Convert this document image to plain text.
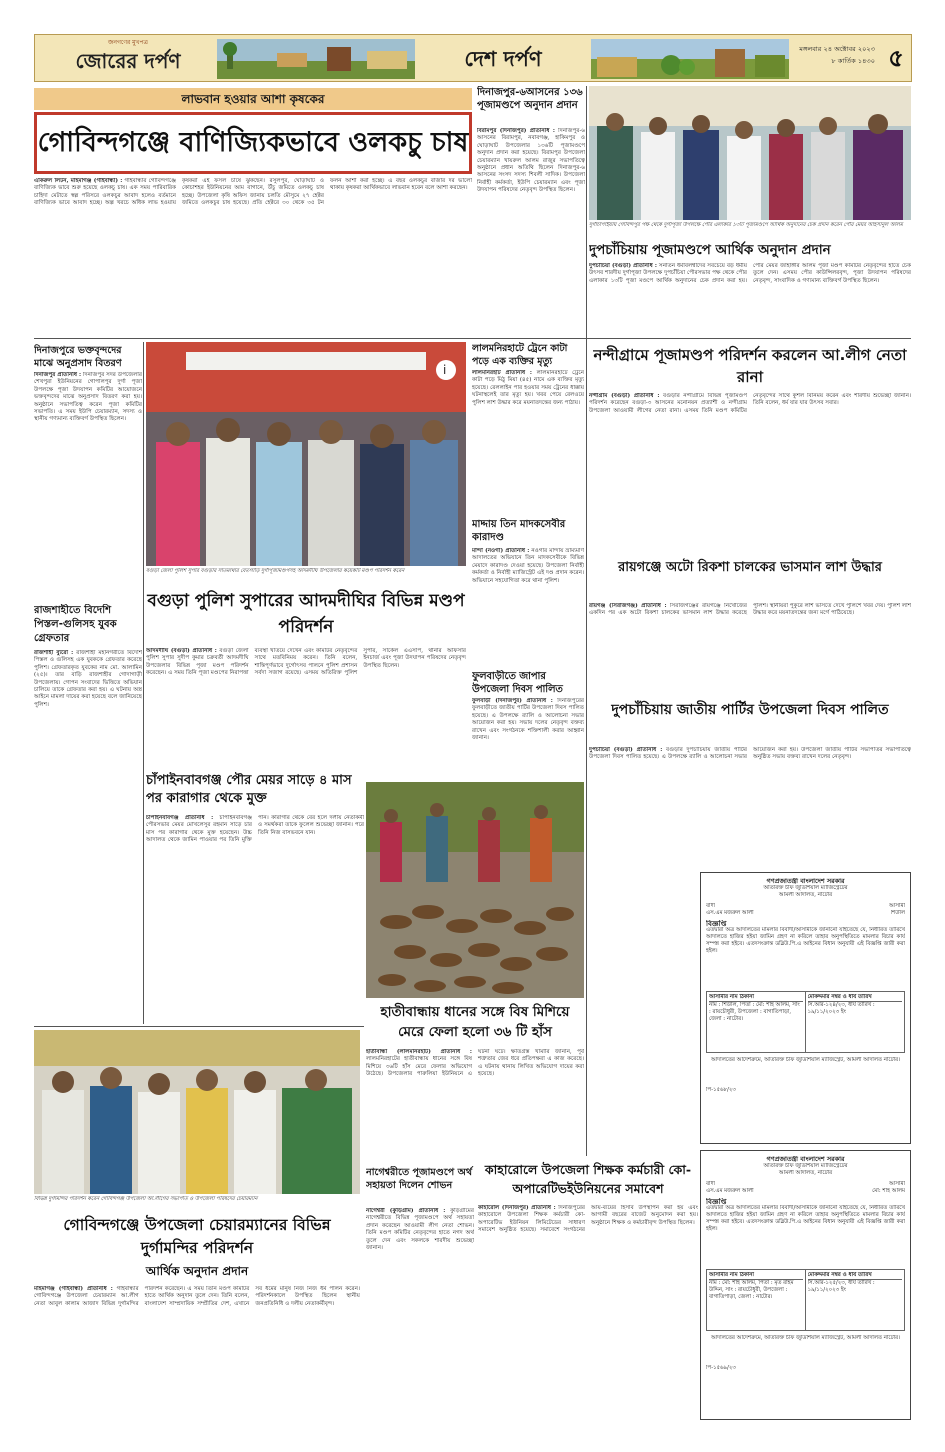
জনগণের মুখপত্র
জোরের দর্পণ	দেশ দর্পণ	মঙ্গলবার ২৪ অক্টোবর ২০২৩
৮ কার্তিক ১৪৩০ ৫
লাভবান হওয়ার আশা কৃষকের
গোবিন্দগঞ্জে বাণিজ্যিকভাবে ওলকচু চাষ
একিরুল লিটন, মহিমাগঞ্জ (গাইবান্ধা) : গাইবান্ধার গোবিন্দগঞ্জে বাণিজ্যিক ভাবে শুরু হয়েছে ওলকচু চাষ। এক সময় পারিবারিক চাহিদা মেটাতে স্বল্প পরিসরে ওলকচুর আবাদ হলেও বর্তমানে বাণিজ্যিক ভাবে আবাদ হচ্ছে। অল্প খরচে অধিক লাভ হওয়ায় কৃষকরা এই ফসল চাষে ঝুঁকছেন। রসুলপুর, ঘোড়াঘাট ও কোচাশহর ইউনিয়নের আম বাগানে, উঁচু জমিতে ওলকচু চাষ হচ্ছে। উপজেলা কৃষি অফিস জানায় চলতি মৌসুমে ২৭ হেক্টর জমিতে ওলকচুর চাষ হয়েছে। প্রতি হেক্টরে ৩০ থেকে ৩৫ টন ফলন আশা করা হচ্ছে। এ বছর ওলকচুর বাজার দর ভালো থাকায় কৃষকরা আর্থিকভাবে লাভবান হবেন বলে আশা করছেন।
দিনাজপুর-৬আসনের ১৩৬ পূজামণ্ডপে অনুদান প্রদান
বিরামপুর (দিনাজপুর) প্রতিনিধি : দিনাজপুর-৬ আসনের বিরামপুর, নবাবগঞ্জ, হাকিমপুর ও ঘোড়াঘাট উপজেলার ১৩৬টি পূজামণ্ডপে অনুদান প্রদান করা হয়েছে। বিরামপুর উপজেলা চেয়ারম্যান খায়রুল আলম রাজুর সভাপতিত্বে অনুষ্ঠানে প্রধান অতিথি ছিলেন দিনাজপুর-৬ আসনের সংসদ সদস্য শিবলী সাদিক। উপজেলা নির্বাহী কর্মকর্তা, ইউপি চেয়ারম্যান এবং পূজা উদযাপন পরিষদের নেতৃবৃন্দ উপস্থিত ছিলেন।
দুর্গাচাঁপাইয়ায় গোবিন্দপুর পক্ষ থেকে দুর্গাপূজা উপলক্ষে পৌর এলাকার ১৩টি পূজামণ্ডপে আর্থিক অনুদানের চেক প্রদান করেন পৌর মেয়র আহসানুল আলম
দুপচাঁচিয়ায় পূজামণ্ডপে আর্থিক অনুদান প্রদান
দুপচাঁচিয়া (বগুড়া) প্রতিনিধি : সনাতন ধর্মাবলম্বীদের সবচেয়ে বড় ধর্মীয় উৎসব শারদীয় দুর্গাপূজা উপলক্ষে দুপচাঁচিয়া পৌরসভার পক্ষ থেকে পৌর এলাকার ১৩টি পূজা মণ্ডপে আর্থিক অনুদানের চেক প্রদান করা হয়। পৌর মেয়র জাহাঙ্গীর আলম পূজা মণ্ডপ কমিটির নেতৃবৃন্দের হাতে চেক তুলে দেন। এসময় পৌর কাউন্সিলরবৃন্দ, পূজা উদযাপন পরিষদের নেতৃবৃন্দ, সাংবাদিক ও গণ্যমান্য ব্যক্তিবর্গ উপস্থিত ছিলেন।
দিনাজপুরে ভক্তবৃন্দদের মাঝে অনুপ্রসাদ বিতরণ
দিনাজপুর প্রতিনিধি : দিনাজপুর সদর উপজেলার শেখপুরা ইউনিয়নের গোপালপুর দুর্গা পূজা উপলক্ষে পূজা উদযাপন কমিটির আয়োজনে ভক্তবৃন্দদের মাঝে অনুপ্রসাদ বিতরণ করা হয়। অনুষ্ঠানে সভাপতিত্ব করেন পূজা কমিটির সভাপতি। এ সময় ইউপি চেয়ারম্যান, সদস্য ও স্থানীয় গণ্যমান্য ব্যক্তিবর্গ উপস্থিত ছিলেন।
রাজশাহীতে বিদেশি পিস্তল-গুলিসহ যুবক গ্রেফতার
রাজশাহী ব্যুরো : রাজশাহী মহানগরীতে বিদেশি পিস্তল ও গুলিসহ এক যুবককে গ্রেফতার করেছে পুলিশ। গ্রেফতারকৃত যুবকের নাম মো. আলামিন (২৫)। তার বাড়ি রাজশাহীর গোদাগাড়ী উপজেলায়। গোপন সংবাদের ভিত্তিতে অভিযান চালিয়ে তাকে গ্রেফতার করা হয়। এ ঘটনায় অস্ত্র আইনে মামলা দায়ের করা হয়েছে বলে জানিয়েছে পুলিশ।
i
বগুড়া জেলা পুলিশ সুপার বগুড়ার সাতমাথার বেতগাড়ি দুর্গাপূজামণ্ডপসহ আদমদীঘি উপজেলার কয়েকটি মণ্ডপ পরিদর্শন করেন
বগুড়া পুলিশ সুপারের আদমদীঘির বিভিন্ন মণ্ডপ পরিদর্শন
আদমদীঘি (বগুড়া) প্রতিনিধি : বগুড়া জেলা পুলিশ সুপার সুদীপ কুমার চক্রবর্তী আদমদীঘি উপজেলার বিভিন্ন পূজা মণ্ডপ পরিদর্শন করেছেন। এ সময় তিনি পূজা মণ্ডপের নিরাপত্তা ব্যবস্থা খতিয়ে দেখেন এবং কমিটির নেতৃবৃন্দের সাথে মতবিনিময় করেন। তিনি বলেন, শান্তিপূর্ণভাবে দুর্গোৎসব পালনে পুলিশ প্রশাসন সর্বদা সজাগ রয়েছে। এসময় অতিরিক্ত পুলিশ সুপার, সার্কেল এএসপি, থানার অফিসার ইনচার্জ এবং পূজা উদযাপন পরিষদের নেতৃবৃন্দ উপস্থিত ছিলেন।
চাঁপাইনবাবগঞ্জ পৌর মেয়র সাড়ে ৪ মাস পর কারাগার থেকে মুক্ত
চাঁপাইনবাবগঞ্জ প্রতিনিধি : চাঁপাইনবাবগঞ্জ পৌরসভার মেয়র মোখলেসুর রহমান সাড়ে চার মাস পর কারাগার থেকে মুক্ত হয়েছেন। উচ্চ আদালত থেকে জামিন পাওয়ার পর তিনি মুক্তি পান। কারাগার থেকে বের হলে দলীয় নেতাকর্মী ও সমর্থকরা তাকে ফুলেল শুভেচ্ছা জানান। পরে তিনি নিজ বাসভবনে যান।
লালমনিরহাটে ট্রেনে কাটা পড়ে এক ব্যক্তির মৃত্যু
লালমনিরহাট প্রতিনিধি : লালমনিরহাটে ট্রেনে কাটা পড়ে মিঠু মিয়া (৪৫) নামে এক ব্যক্তির মৃত্যু হয়েছে। রেললাইন পার হওয়ার সময় ট্রেনের ধাক্কায় ঘটনাস্থলেই তার মৃত্যু হয়। খবর পেয়ে রেলওয়ে পুলিশ লাশ উদ্ধার করে ময়নাতদন্তের জন্য পাঠায়।
মাদ্দায় তিন মাদকসেবীর কারাদণ্ড
মান্দা (নওগাঁ) প্রতিনিধি : নওগাঁর মান্দায় ভ্রাম্যমাণ আদালতের অভিযানে তিন মাদকসেবীকে বিভিন্ন মেয়াদে কারাদণ্ড দেওয়া হয়েছে। উপজেলা নির্বাহী কর্মকর্তা ও নির্বাহী ম্যাজিস্ট্রেট এই দণ্ড প্রদান করেন। অভিযানে সহযোগিতা করে থানা পুলিশ।
ফুলবাড়ীতে জাপার উপজেলা দিবস পালিত
ফুলবাড়ী (দিনাজপুর) প্রতিনিধি : দিনাজপুরের ফুলবাড়ীতে জাতীয় পার্টির উপজেলা দিবস পালিত হয়েছে। এ উপলক্ষে র‌্যালি ও আলোচনা সভার আয়োজন করা হয়। সভায় দলের নেতৃবৃন্দ বক্তব্য রাখেন এবং সংগঠনকে শক্তিশালী করার আহ্বান জানান।
নন্দীগ্রামে পূজামণ্ডপ পরিদর্শন করলেন আ.লীগ নেতা রানা
নন্দীগ্রাম (বগুড়া) প্রতিনিধি : বগুড়ার নন্দীগ্রামে বিভিন্ন পূজামণ্ডপ পরিদর্শন করেছেন বগুড়া-৩ আসনের মনোনয়ন প্রত্যাশী ও নন্দীগ্রাম উপজেলা আওয়ামী লীগের নেতা রানা। এসময় তিনি মণ্ডপ কমিটির নেতৃবৃন্দের সাথে কুশল বিনিময় করেন এবং শারদীয় শুভেচ্ছা জানান। তিনি বলেন, ধর্ম যার যার উৎসব সবার।
রায়গঞ্জে অটো রিকশা চালকের ভাসমান লাশ উদ্ধার
রায়গঞ্জ (সিরাজগঞ্জ) প্রতিনিধি : সিরাজগঞ্জের রায়গঞ্জে নিখোঁজের একদিন পর এক অটো রিকশা চালকের ভাসমান লাশ উদ্ধার করেছে পুলিশ। স্থানীয়রা পুকুরে লাশ ভাসতে দেখে পুলিশে খবর দেয়। পুলিশ লাশ উদ্ধার করে ময়নাতদন্তের জন্য মর্গে পাঠিয়েছে।
দুপচাঁচিয়ায় জাতীয় পার্টির উপজেলা দিবস পালিত
দুপচাঁচিয়া (বগুড়া) প্রতিনিধি : বগুড়ার দুপচাঁচিয়ায় জাতীয় পার্টির উপজেলা দিবস পালিত হয়েছে। এ উপলক্ষে র‌্যালি ও আলোচনা সভার আয়োজন করা হয়। উপজেলা জাতীয় পার্টির সভাপতির সভাপতিত্বে অনুষ্ঠিত সভায় বক্তব্য রাখেন দলের নেতৃবৃন্দ।
হাতীবান্ধায় ধানের সঙ্গে বিষ মিশিয়ে মেরে ফেলা হলো ৩৬ টি হাঁস
হাতীবান্ধা (লালমনিরহাট) প্রতিনিধি : লালমনিরহাটের হাতীবান্ধায় ধানের সঙ্গে বিষ মিশিয়ে ৩৬টি হাঁস মেরে ফেলার অভিযোগ উঠেছে। উপজেলার পারুলিয়া ইউনিয়নে এ ঘটনা ঘটে। ক্ষতিগ্রস্ত খামারি জানান, পূর্ব শত্রুতার জের ধরে প্রতিপক্ষরা এ কাজ করেছে। এ ঘটনায় থানায় লিখিত অভিযোগ দায়ের করা হয়েছে।
বিভিন্ন দুর্গামন্দির পরিদর্শন করেন গোবিন্দগঞ্জ উপজেলা আ.লীগের সভাপতি ও উপজেলা পরিষদের চেয়ারম্যান
গোবিন্দগঞ্জে উপজেলা চেয়ারম্যানের বিভিন্ন দুর্গামন্দির পরিদর্শন
আর্থিক অনুদান প্রদান
মহিমাগঞ্জ (গাইবান্ধা) প্রতিনিধি : গাইবান্ধার গোবিন্দগঞ্জে উপজেলা চেয়ারম্যান আ.লীগ নেতা আবুল কালাম আজাদ বিভিন্ন দুর্গামন্দির পরিদর্শন করেছেন। এ সময় তিনি মণ্ডপ কমিটির হাতে আর্থিক অনুদান তুলে দেন। তিনি বলেন, বাংলাদেশ সাম্প্রদায়িক সম্প্রীতির দেশ, এখানে সব ধর্মের মানুষ নিজ নিজ ধর্ম পালন করেন। পরিদর্শনকালে উপস্থিত ছিলেন স্থানীয় জনপ্রতিনিধি ও দলীয় নেতাকর্মীবৃন্দ।
নাগেশ্বরীতে পূজামণ্ডপে অর্থ সহায়তা দিলেন শোভন
নাগেশ্বরী (কুড়িগ্রাম) প্রতিনিধি : কুড়িগ্রামের নাগেশ্বরীতে বিভিন্ন পূজামণ্ডপে অর্থ সহায়তা প্রদান করেছেন আওয়ামী লীগ নেতা শোভন। তিনি মণ্ডপ কমিটির নেতৃবৃন্দের হাতে নগদ অর্থ তুলে দেন এবং সকলকে শারদীয় শুভেচ্ছা জানান।
কাহারোলে উপজেলা শিক্ষক কর্মচারী কো-অপারেটিভইউনিয়নের সমাবেশ
কাহারোল (দিনাজপুর) প্রতিনিধি : দিনাজপুরের কাহারোলে উপজেলা শিক্ষক কর্মচারী কো-অপারেটিভ ইউনিয়ন লিমিটেডের সাধারণ সমাবেশ অনুষ্ঠিত হয়েছে। সমাবেশে সংগঠনের আয়-ব্যয়ের হিসাব উপস্থাপন করা হয় এবং আগামী বছরের বাজেট অনুমোদন করা হয়। অনুষ্ঠানে শিক্ষক ও কর্মচারীবৃন্দ উপস্থিত ছিলেন।
গণপ্রজাতন্ত্রী বাংলাদেশ সরকার
অতিরিক্ত চীফ জুডিশিয়াল ম্যাজিস্ট্রেটের
আমলী আদালত, নাটোর
বাদী	আসামী
এস.এম মজরুল আলী	শিউলি
বিজ্ঞপ্তি
এতদ্বারা অত্র আদালতের মামলার বিবাদী/আসামীকে জানানো যাইতেছে যে, নির্ধারিত তারিখে আদালতে হাজির হইয়া জামিন গ্রহণ না করিলে তাহার অনুপস্থিতিতে মামলার বিচার কার্য সম্পন্ন করা হইবে। এতদসংক্রান্ত ডব্লিউ.পি.এ আইনের বিধান অনুযায়ী এই বিজ্ঞপ্তি জারী করা হইল।
আসামীর নাম ঠিকানা
নাম : শিউলি, পিতা : মো: শাহ আলম, সাং : রায়চৌধুরী, উপজেলা : বাগাতিপাড়া, জেলা : নাটোর।
মোকদ্দমার নম্বর ও ধার্য তারিখ
সি.আর-১২৪/২৩, ধার্য তারিখ : ১৯/১১/২০২৩ ইং
আদালতের আদেশক্রমে, অতিরিক্ত চীফ জুডিশিয়াল ম্যাজিস্ট্রেট, আমলী আদালত নাটোর।
পি-১৫৬৮/২৩
গণপ্রজাতন্ত্রী বাংলাদেশ সরকার
অতিরিক্ত চীফ জুডিশিয়াল ম্যাজিস্ট্রেটের
আমলী আদালত, নাটোর
বাদী	আসামী
এস.এম মজরুল আলী	মো: শাহ আলম
বিজ্ঞপ্তি
এতদ্বারা অত্র আদালতের মামলার বিবাদী/আসামীকে জানানো যাইতেছে যে, নির্ধারিত তারিখে আদালতে হাজির হইয়া জামিন গ্রহণ না করিলে তাহার অনুপস্থিতিতে মামলার বিচার কার্য সম্পন্ন করা হইবে। এতদসংক্রান্ত ডব্লিউ.পি.এ আইনের বিধান অনুযায়ী এই বিজ্ঞপ্তি জারী করা হইল।
আসামীর নাম ঠিকানা
নাম : মো: শাহ আলম, পিতা : মৃত রহিম উদ্দিন, সাং : রায়চৌধুরী, উপজেলা : বাগাতিপাড়া, জেলা : নাটোর।
মোকদ্দমার নম্বর ও ধার্য তারিখ
সি.আর-১২৫/২৩, ধার্য তারিখ : ১৯/১১/২০২৩ ইং
আদালতের আদেশক্রমে, অতিরিক্ত চীফ জুডিশিয়াল ম্যাজিস্ট্রেট, আমলী আদালত নাটোর।
পি-১৫৬৯/২৩
